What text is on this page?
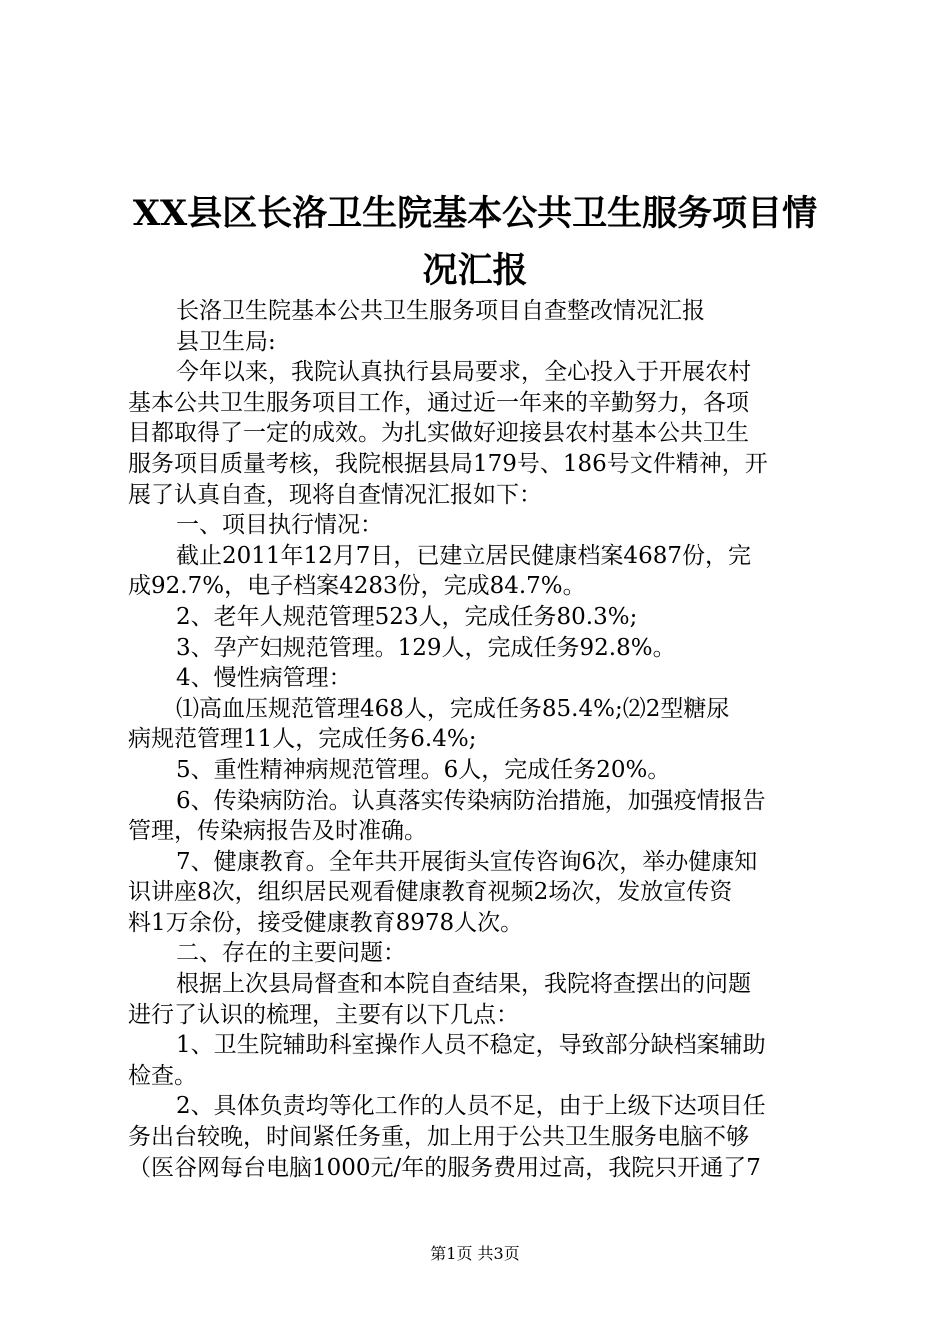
XX县区长洛卫生院基本公共卫生服务项目情
况汇报
长洛卫生院基本公共卫生服务项目自查整改情况汇报
县卫生局:
今年以来，我院认真执行县局要求，全心投入于开展农村
基本公共卫生服务项目工作，通过近一年来的辛勤努力，各项
目都取得了一定的成效。为扎实做好迎接县农村基本公共卫生
服务项目质量考核，我院根据县局179号、186号文件精神，开
展了认真自查，现将自查情况汇报如下：
一、项目执行情况：
截止2011年12月7日，已建立居民健康档案4687份，完
成92.7%，电子档案4283份，完成84.7%。
2、老年人规范管理523人，完成任务80.3%;
3、孕产妇规范管理。129人，完成任务92.8%。
4、慢性病管理：
⑴高血压规范管理468人，完成任务85.4%;⑵2型糖尿
病规范管理11人，完成任务6.4%;
5、重性精神病规范管理。6人，完成任务20%。
6、传染病防治。认真落实传染病防治措施，加强疫情报告
管理，传染病报告及时准确。
7、健康教育。全年共开展街头宣传咨询6次，举办健康知
识讲座8次，组织居民观看健康教育视频2场次，发放宣传资
料1万余份，接受健康教育8978人次。
二、存在的主要问题：
根据上次县局督查和本院自查结果，我院将查摆出的问题
进行了认识的梳理，主要有以下几点：
1、卫生院辅助科室操作人员不稳定，导致部分缺档案辅助
检查。
2、具体负责均等化工作的人员不足，由于上级下达项目任
务出台较晚，时间紧任务重，加上用于公共卫生服务电脑不够
（医谷网每台电脑1000元/年的服务费用过高，我院只开通了7
第1页 共3页
